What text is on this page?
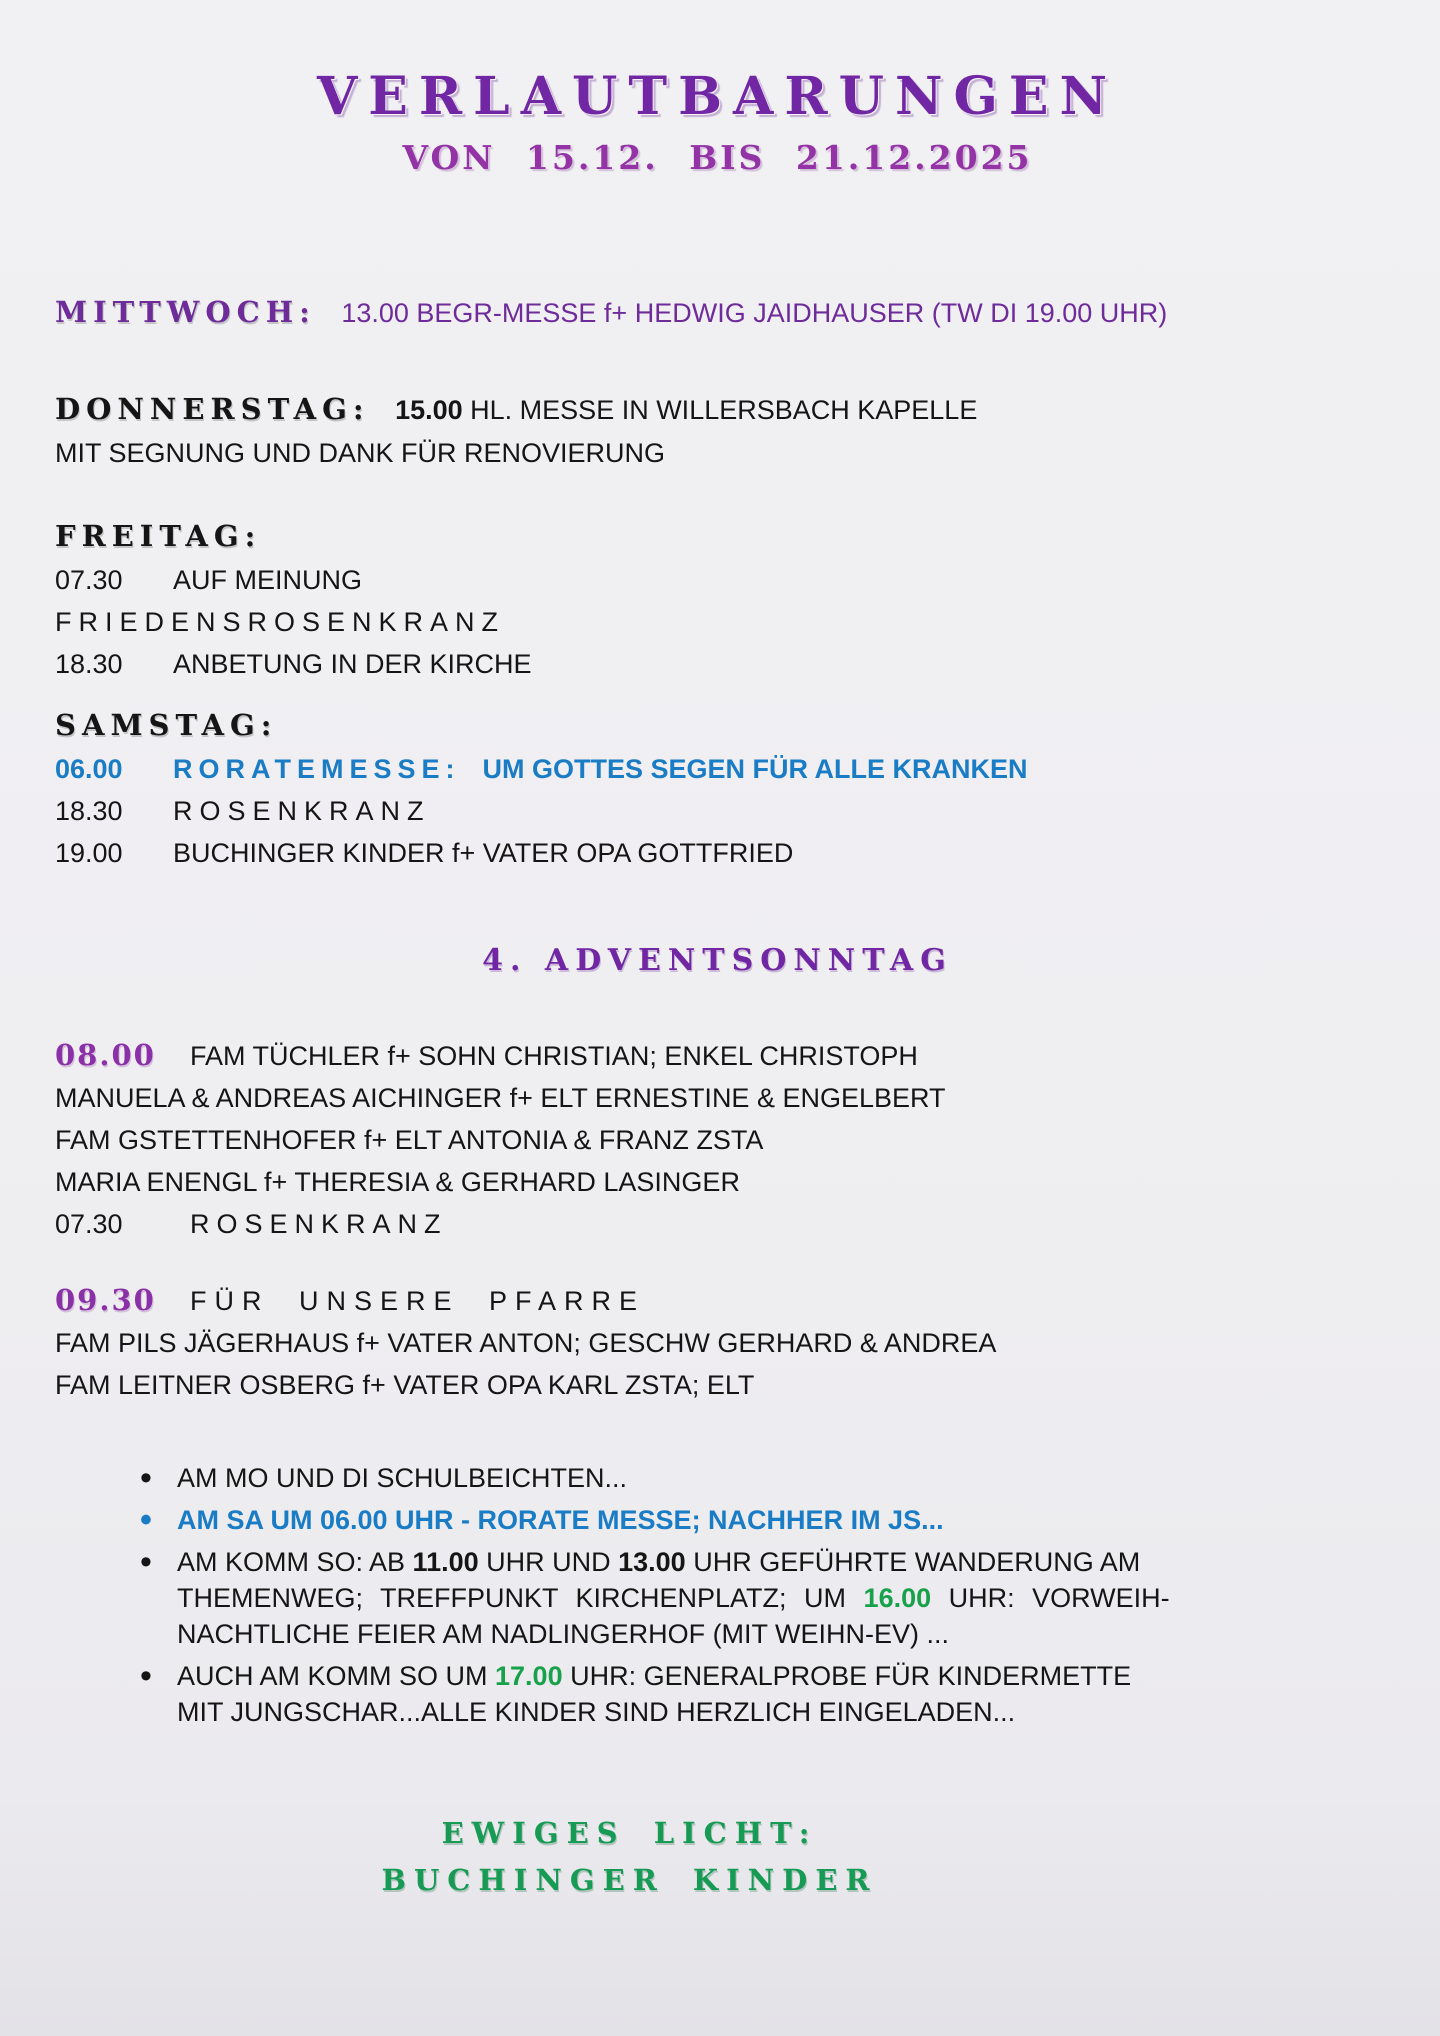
VERLAUTBARUNGEN
VON 15.12. BIS 21.12.2025
MITTWOCH: 13.00 BEGR-MESSE f+ HEDWIG JAIDHAUSER (TW DI 19.00 UHR)
DONNERSTAG: 15.00 HL. MESSE IN WILLERSBACH KAPELLE
MIT SEGNUNG UND DANK FÜR RENOVIERUNG
FREITAG:
07.30 AUF MEINUNG
FRIEDENSROSENKRANZ
18.30 ANBETUNG IN DER KIRCHE
SAMSTAG:
06.00 RORATEMESSE: UM GOTTES SEGEN FÜR ALLE KRANKEN
18.30 ROSENKRANZ
19.00 BUCHINGER KINDER f+ VATER OPA GOTTFRIED
4. ADVENTSONNTAG
08.00 FAM TÜCHLER f+ SOHN CHRISTIAN; ENKEL CHRISTOPH
MANUELA & ANDREAS AICHINGER f+ ELT ERNESTINE & ENGELBERT
FAM GSTETTENHOFER f+ ELT ANTONIA & FRANZ ZSTA
MARIA ENENGL f+ THERESIA & GERHARD LASINGER
07.30 ROSENKRANZ
09.30 FÜR UNSERE PFARRE
FAM PILS JÄGERHAUS f+ VATER ANTON; GESCHW GERHARD & ANDREA
FAM LEITNER OSBERG f+ VATER OPA KARL ZSTA; ELT
• AM MO UND DI SCHULBEICHTEN...
• AM SA UM 06.00 UHR - RORATE MESSE; NACHHER IM JS...
• AM KOMM SO: AB 11.00 UHR UND 13.00 UHR GEFÜHRTE WANDERUNG AM
THEMENWEG; TREFFPUNKT KIRCHENPLATZ; UM 16.00 UHR: VORWEIH-
NACHTLICHE FEIER AM NADLINGERHOF (MIT WEIHN-EV) ...
• AUCH AM KOMM SO UM 17.00 UHR: GENERALPROBE FÜR KINDERMETTE
MIT JUNGSCHAR...ALLE KINDER SIND HERZLICH EINGELADEN...
EWIGES LICHT:
BUCHINGER KINDER
